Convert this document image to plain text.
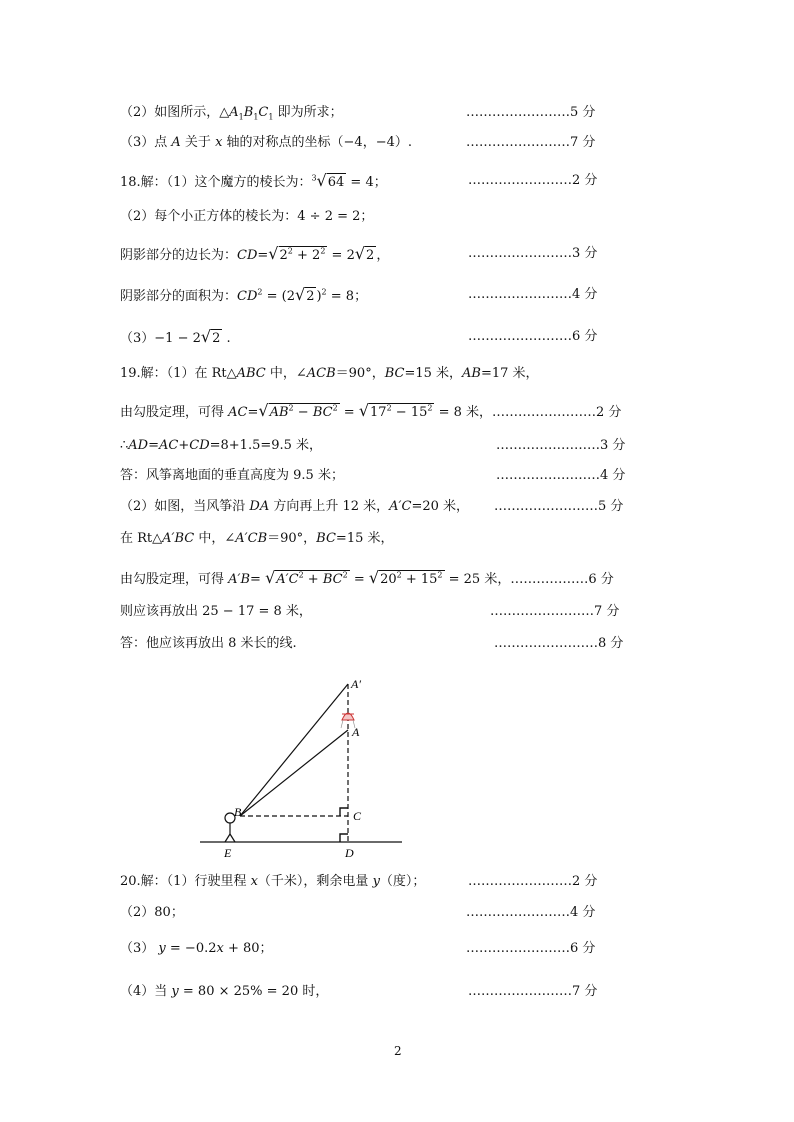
（2）如图所示，$\triangle A_1B_1C_1$ 即为所求；	……………………5 分
（3）点 A 关于 x 轴的对称点的坐标（−4，−4）.	……………………7 分
18.解：（1）这个魔方的棱长为：$^3$√64 = 4；	……………………2 分
（2）每个小正方体的棱长为：4 ÷ 2 = 2；
阴影部分的边长为：$CD=√2^2 + 2^2 = 2√2$ ，	……………………3 分
阴影部分的面积为：$CD^2 = (2√2$ )$^2$ = 8；	……………………4 分
（3）−1 − 2√2 .	……………………6 分
19.解：（1）在 Rt△ABC 中，∠ACB＝90°，BC=15 米，AB=17 米，
由勾股定理，可得 $AC=√AB^2 - BC^2 = √17^2 - 15^2 = 8$ 米，……………………2 分
∴AD=AC+CD=8+1.5=9.5 米，	……………………3 分
答：风筝离地面的垂直高度为 9.5 米；	……………………4 分
（2）如图，当风筝沿 DA 方向再上升 12 米，A′C=20 米， ……………………5 分
在 Rt△A′BC 中，∠A′CB＝90°，BC=15 米，
由勾股定理，可得 $A'B= √A'C^2 + BC^2 = √20^2 + 15^2 = 25$ 米，………………6 分
则应该再放出 25 − 17 = 8 米，	……………………7 分
答：他应该再放出 8 米长的线.	……………………8 分
A′
A
B	C
D
E
20.解：（1）行驶里程 x（千米），剩余电量 y（度）；	……………………2 分
（2）80；	……………………4 分
（3） y = −0.2x + 80；	……………………6 分
（4）当 y = 80 × 25% = 20 时，	……………………7 分
2
